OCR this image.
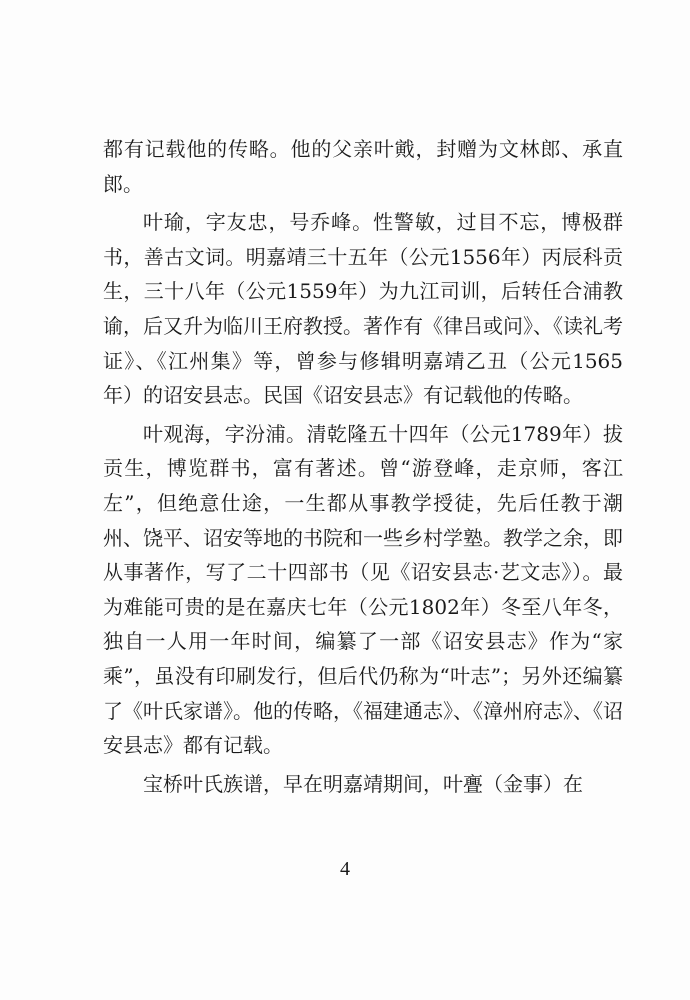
都有记载他的传略。他的父亲叶戭，封赠为文林郎、承直郎。

叶瑜，字友忠，号乔峰。性警敏，过目不忘，博极群书，善古文词。明嘉靖三十五年（公元1556年）丙辰科贡生，三十八年（公元1559年）为九江司训，后转任合浦教谕，后又升为临川王府教授。著作有《律吕或问》、《读礼考证》、《江州集》等，曾参与修辑明嘉靖乙丑（公元1565年）的诏安县志。民国《诏安县志》有记载他的传略。

叶观海，字汾浦。清乾隆五十四年（公元1789年）拔贡生，博览群书，富有著述。曾“游登峰，走京师，客江左”，但绝意仕途，一生都从事教学授徒，先后任教于潮州、饶平、诏安等地的书院和一些乡村学塾。教学之余，即从事著作，写了二十四部书（见《诏安县志·艺文志》）。最为难能可贵的是在嘉庆七年（公元1802年）冬至八年冬，独自一人用一年时间，编纂了一部《诏安县志》作为“家乘”，虽没有印刷发行，但后代仍称为“叶志”；另外还编纂了《叶氏家谱》。他的传略，《福建通志》、《漳州府志》、《诏安县志》都有记载。

宝桥叶氏族谱，早在明嘉靖期间，叶亹（金事）在

4
